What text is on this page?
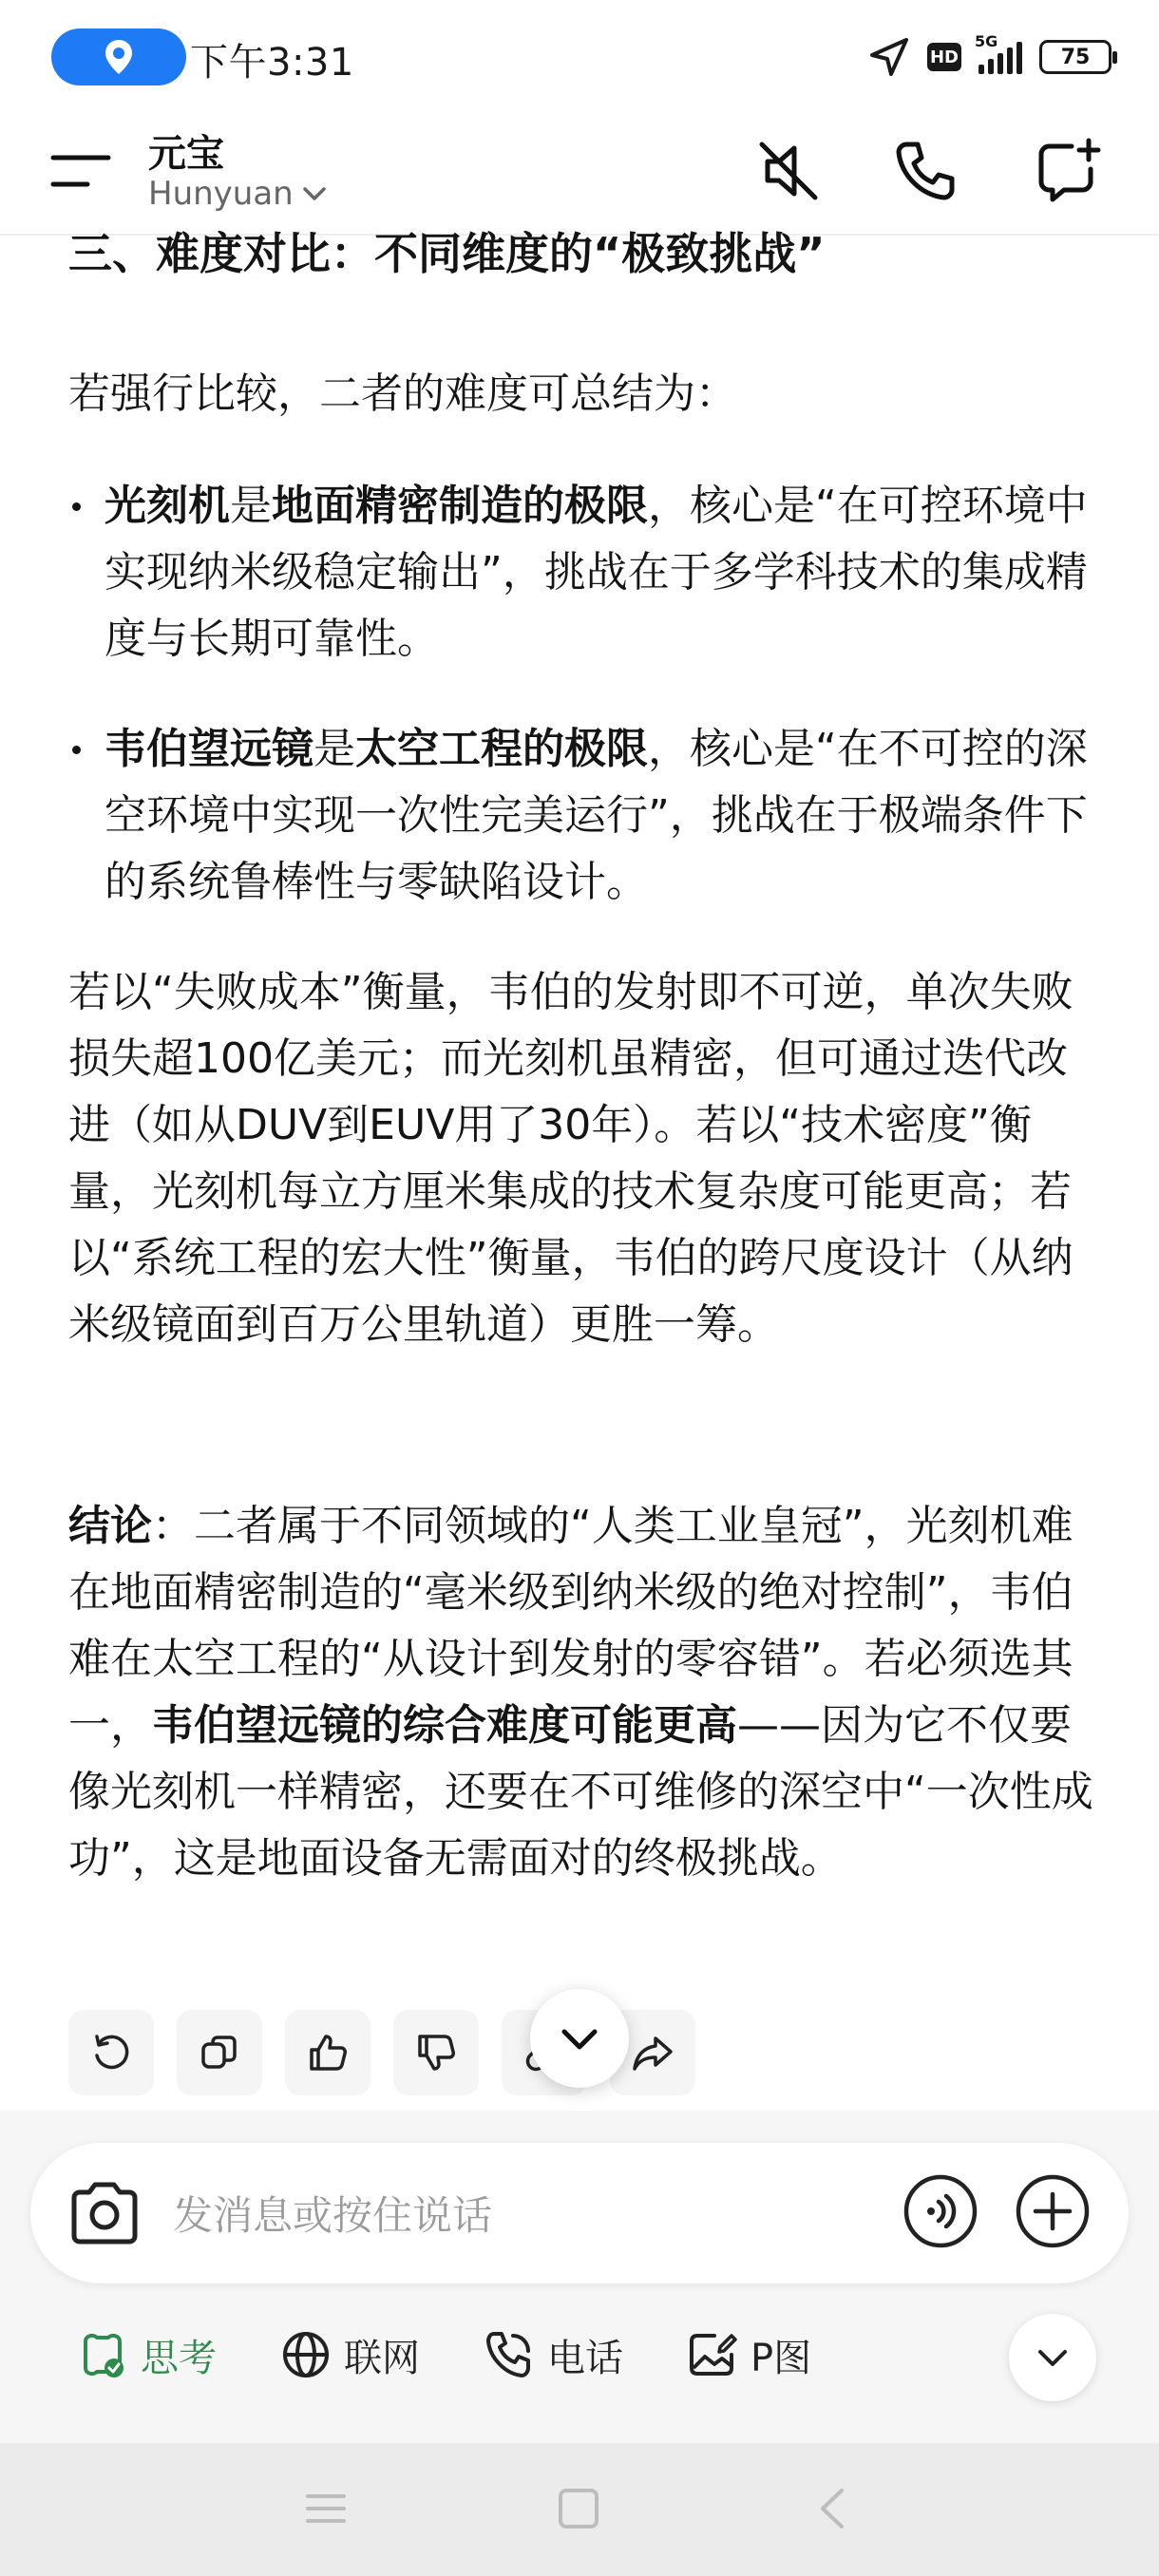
下午3:31	HD
5G
75
元宝
Hunyuan
三、难度对比：不同维度的“极致挑战”
若强行比较，二者的难度可总结为：
光刻机是地面精密制造的极限，核心是“在可控环境中实现纳米级稳定输出”，挑战在于多学科技术的集成精度与长期可靠性。
韦伯望远镜是太空工程的极限，核心是“在不可控的深空环境中实现一次性完美运行”，挑战在于极端条件下的系统鲁棒性与零缺陷设计。
若以“失败成本”衡量，韦伯的发射即不可逆，单次失败损失超100亿美元；而光刻机虽精密，但可通过迭代改进（如从DUV到EUV用了30年）。若以“技术密度”衡量，光刻机每立方厘米集成的技术复杂度可能更高；若以“系统工程的宏大性”衡量，韦伯的跨尺度设计（从纳米级镜面到百万公里轨道）更胜一筹。
结论：二者属于不同领域的“人类工业皇冠”，光刻机难在地面精密制造的“毫米级到纳米级的绝对控制”，韦伯难在太空工程的“从设计到发射的零容错”。若必须选其一，韦伯望远镜的综合难度可能更高——因为它不仅要像光刻机一样精密，还要在不可维修的深空中“一次性成功”，这是地面设备无需面对的终极挑战。
发消息或按住说话
思考	联网	电话	P图
